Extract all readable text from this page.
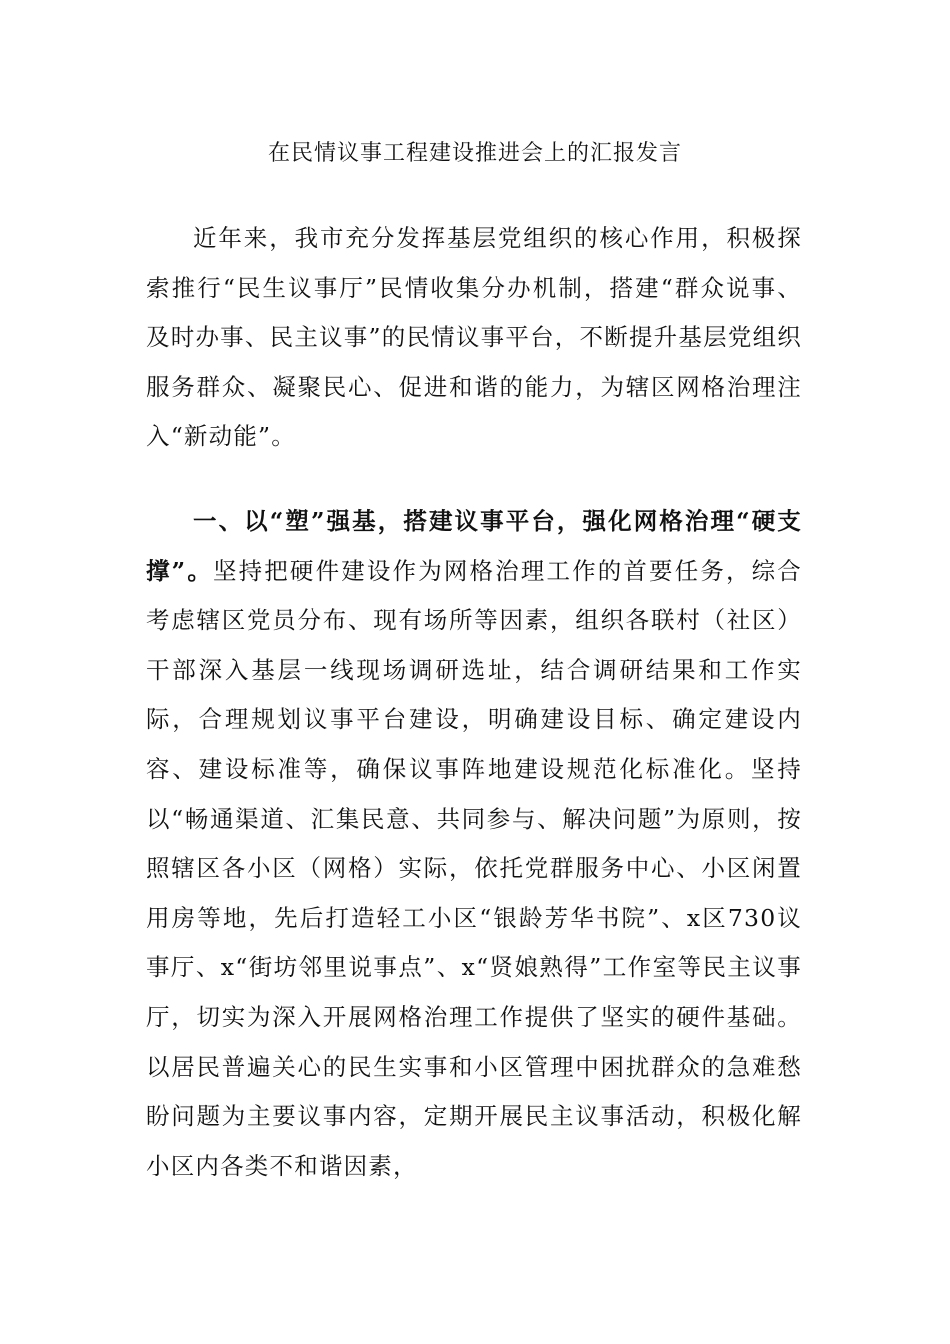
在民情议事工程建设推进会上的汇报发言

近年来，我市充分发挥基层党组织的核心作用，积极探索推行“民生议事厅”民情收集分办机制，搭建“群众说事、及时办事、民主议事”的民情议事平台，不断提升基层党组织服务群众、凝聚民心、促进和谐的能力，为辖区网格治理注入“新动能”。

一、以“塑”强基，搭建议事平台，强化网格治理“硬支撑”。坚持把硬件建设作为网格治理工作的首要任务，综合考虑辖区党员分布、现有场所等因素，组织各联村（社区）干部深入基层一线现场调研选址，结合调研结果和工作实际，合理规划议事平台建设，明确建设目标、确定建设内容、建设标准等，确保议事阵地建设规范化标准化。坚持以“畅通渠道、汇集民意、共同参与、解决问题”为原则，按照辖区各小区（网格）实际，依托党群服务中心、小区闲置用房等地，先后打造轻工小区“银龄芳华书院”、x区730议事厅、x“街坊邻里说事点”、x“贤娘熟得”工作室等民主议事厅，切实为深入开展网格治理工作提供了坚实的硬件基础。以居民普遍关心的民生实事和小区管理中困扰群众的急难愁盼问题为主要议事内容，定期开展民主议事活动，积极化解小区内各类不和谐因素，
